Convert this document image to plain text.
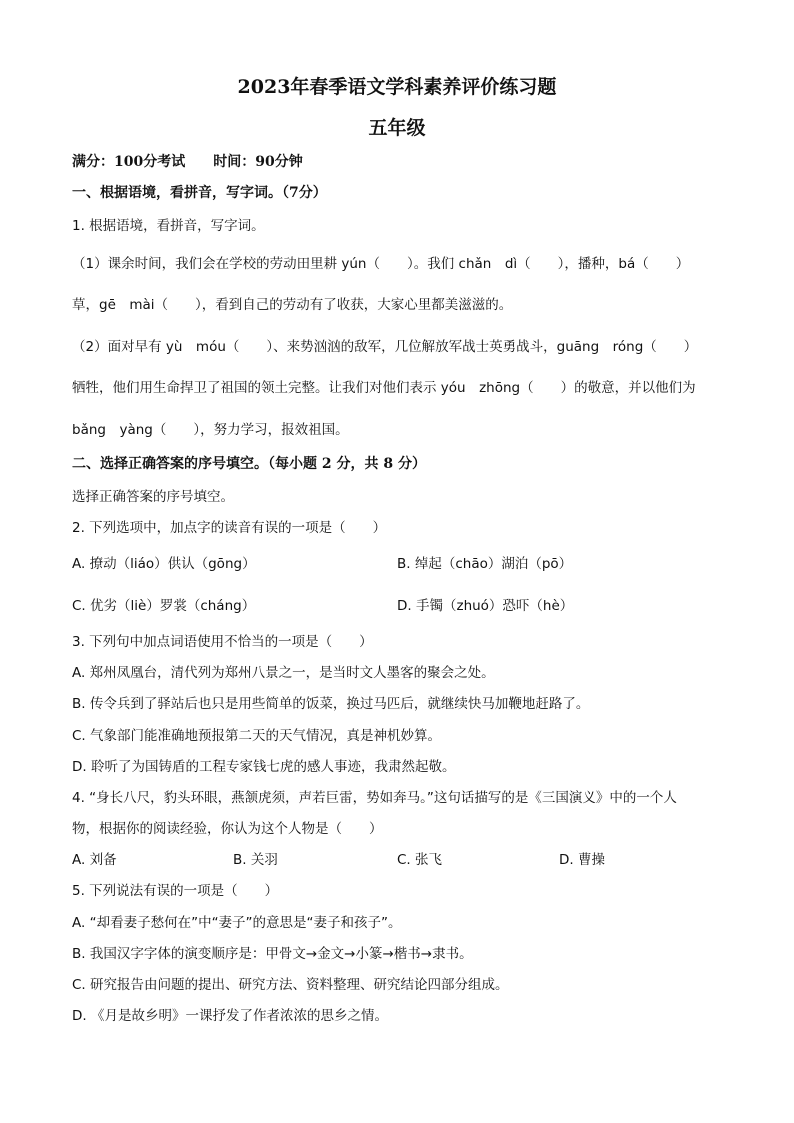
2023年春季语文学科素养评价练习题
五年级
满分：100分考试　　时间：90分钟
一、根据语境，看拼音，写字词。（7分）
1. 根据语境，看拼音，写字词。
（1）课余时间，我们会在学校的劳动田里耕 yún（　　）。我们 chǎn　dì（　　），播种，bá（　　）
草，gē　mài（　　），看到自己的劳动有了收获，大家心里都美滋滋的。
（2）面对早有 yù　móu（　　）、来势汹汹的敌军，几位解放军战士英勇战斗，guāng　róng（　　）
牺牲，他们用生命捍卫了祖国的领土完整。让我们对他们表示 yóu　zhōng（　　）的敬意，并以他们为
bǎng　yàng（　　），努力学习，报效祖国。
二、选择正确答案的序号填空。（每小题 2 分，共 8 分）
选择正确答案的序号填空。
2. 下列选项中，加点字的读音有误的一项是（　　）
A. 撩动（liáo）供认（gōng）	B. 绰起（chāo）湖泊（pō）
C. 优劣（liè）罗裳（cháng）	D. 手镯（zhuó）恐吓（hè）
3. 下列句中加点词语使用不恰当的一项是（　　）
A. 郑州凤凰台，清代列为郑州八景之一，是当时文人墨客的聚会之处。
B. 传令兵到了驿站后也只是用些简单的饭菜，换过马匹后，就继续快马加鞭地赶路了。
C. 气象部门能准确地预报第二天的天气情况，真是神机妙算。
D. 聆听了为国铸盾的工程专家钱七虎的感人事迹，我肃然起敬。
4. “身长八尺，豹头环眼，燕颔虎须，声若巨雷，势如奔马。”这句话描写的是《三国演义》中的一个人
物，根据你的阅读经验，你认为这个人物是（　　）
A. 刘备	B. 关羽	C. 张飞	D. 曹操
5. 下列说法有误的一项是（　　）
A. “却看妻子愁何在”中“妻子”的意思是“妻子和孩子”。
B. 我国汉字字体的演变顺序是：甲骨文→金文→小篆→楷书→隶书。
C. 研究报告由问题的提出、研究方法、资料整理、研究结论四部分组成。
D. 《月是故乡明》一课抒发了作者浓浓的思乡之情。
